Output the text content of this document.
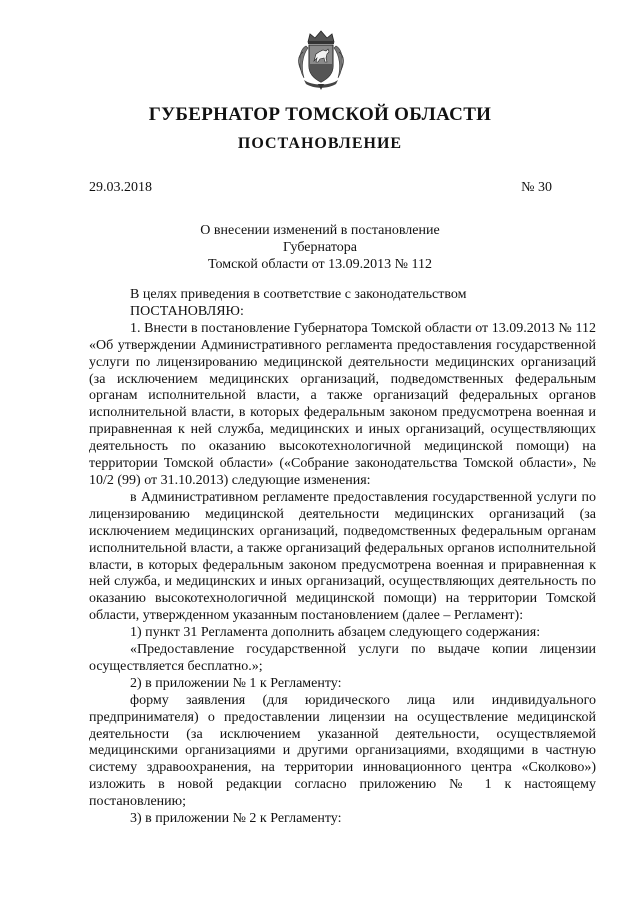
ГУБЕРНАТОР ТОМСКОЙ ОБЛАСТИ
ПОСТАНОВЛЕНИЕ
29.03.2018	№ 30
О внесении изменений в постановление Губернатора
Томской области от 13.09.2013 № 112

В целях приведения в соответствие с законодательством

ПОСТАНОВЛЯЮ:

1. Внести в постановление Губернатора Томской области от 13.09.2013 № 112 «Об утверждении Административного регламента предоставления государственной услуги по лицензированию медицинской деятельности медицинских организаций (за исключением медицинских организаций, подведомственных федеральным органам исполнительной власти, а также организаций федеральных органов исполнительной власти, в которых федеральным законом предусмотрена военная и приравненная к ней служба, медицинских и иных организаций, осуществляющих деятельность по оказанию высокотехнологичной медицинской помощи) на территории Томской области» («Собрание законодательства Томской области», № 10/2 (99) от 31.10.2013) следующие изменения:

в Административном регламенте предоставления государственной услуги по лицензированию медицинской деятельности медицинских организаций (за исключением медицинских организаций, подведомственных федеральным органам исполнительной власти, а также организаций федеральных органов исполнительной власти, в которых федеральным законом предусмотрена военная и приравненная к ней служба, и медицинских и иных организаций, осуществляющих деятельность по оказанию высокотехнологичной медицинской помощи) на территории Томской области, утвержденном указанным постановлением (далее – Регламент):

1) пункт 31 Регламента дополнить абзацем следующего содержания:

«Предоставление государственной услуги по выдаче копии лицензии осуществляется бесплатно.»;

2) в приложении № 1 к Регламенту:

форму заявления (для юридического лица или индивидуального предпринимателя) о предоставлении лицензии на осуществление медицинской деятельности (за исключением указанной деятельности, осуществляемой медицинскими организациями и другими организациями, входящими в частную систему здравоохранения, на территории инновационного центра «Сколково») изложить в новой редакции согласно приложению № 1 к настоящему постановлению;

3) в приложении № 2 к Регламенту:
